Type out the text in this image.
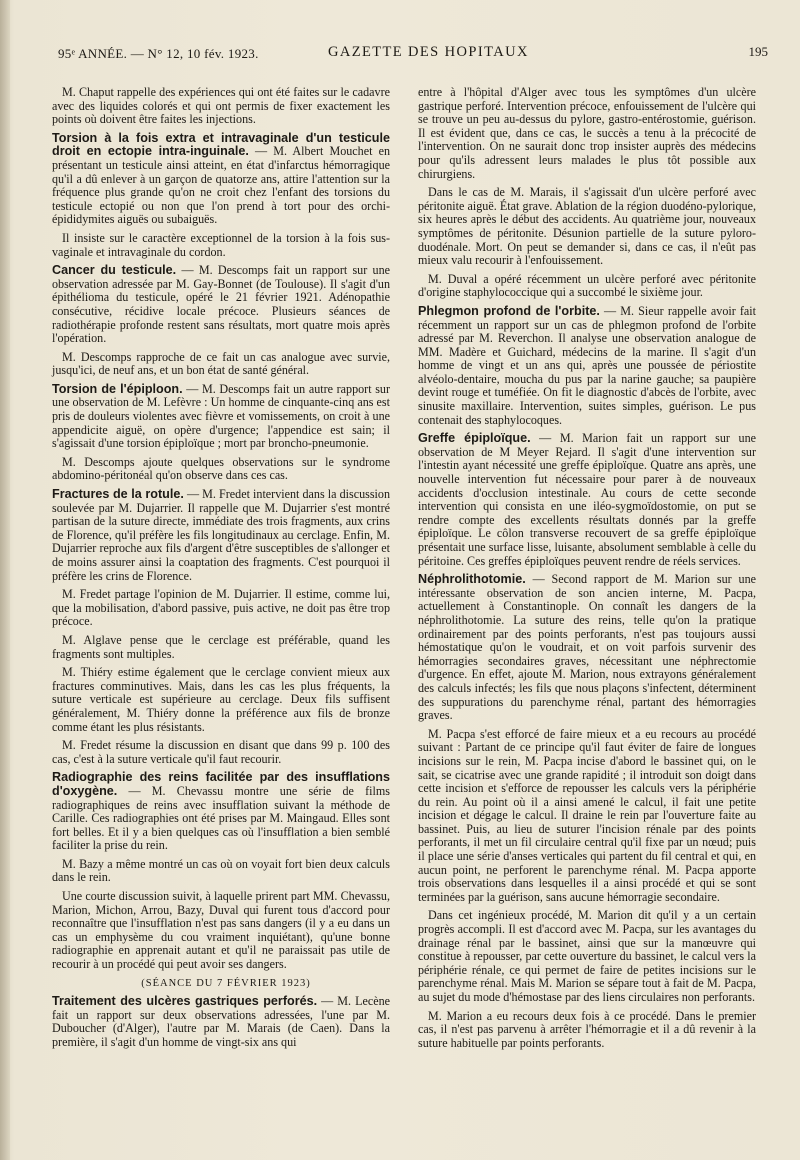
95ᵉ ANNÉE. — N° 12, 10 fév. 1923.	GAZETTE DES HOPITAUX	195

M. Chaput rappelle des expériences qui ont été faites sur le cadavre avec des liquides colorés et qui ont permis de fixer exactement les points où doivent être faites les injections.

Torsion à la fois extra et intravaginale d'un testicule droit en ectopie intra-inguinale. — M. Albert Mouchet en présentant un testicule ainsi atteint, en état d'infarctus hémorragique qu'il a dû enlever à un garçon de quatorze ans, attire l'attention sur la fréquence plus grande qu'on ne croit chez l'enfant des torsions du testicule ectopié ou non que l'on prend à tort pour des orchi-épididymites aiguës ou subaiguës.

Il insiste sur le caractère exceptionnel de la torsion à la fois sus-vaginale et intravaginale du cordon.

Cancer du testicule. — M. Descomps fait un rapport sur une observation adressée par M. Gay-Bonnet (de Toulouse). Il s'agit d'un épithélioma du testicule, opéré le 21 février 1921. Adénopathie consécutive, récidive locale précoce. Plusieurs séances de radiothérapie profonde restent sans résultats, mort quatre mois après l'opération.

M. Descomps rapproche de ce fait un cas analogue avec survie, jusqu'ici, de neuf ans, et un bon état de santé général.

Torsion de l'épiploon. — M. Descomps fait un autre rapport sur une observation de M. Lefèvre : Un homme de cinquante-cinq ans est pris de douleurs violentes avec fièvre et vomissements, on croit à une appendicite aiguë, on opère d'urgence; l'appendice est sain; il s'agissait d'une torsion épiploïque ; mort par broncho-pneumonie.

M. Descomps ajoute quelques observations sur le syndrome abdomino-péritonéal qu'on observe dans ces cas.

Fractures de la rotule. — M. Fredet intervient dans la discussion soulevée par M. Dujarrier. Il rappelle que M. Dujarrier s'est montré partisan de la suture directe, immédiate des trois fragments, aux crins de Florence, qu'il préfère les fils longitudinaux au cerclage. Enfin, M. Dujarrier reproche aux fils d'argent d'être susceptibles de s'allonger et de moins assurer ainsi la coaptation des fragments. C'est pourquoi il préfère les crins de Florence.

M. Fredet partage l'opinion de M. Dujarrier. Il estime, comme lui, que la mobilisation, d'abord passive, puis active, ne doit pas être trop précoce.

M. Alglave pense que le cerclage est préférable, quand les fragments sont multiples.

M. Thiéry estime également que le cerclage convient mieux aux fractures comminutives. Mais, dans les cas les plus fréquents, la suture verticale est supérieure au cerclage. Deux fils suffisent généralement, M. Thiéry donne la préférence aux fils de bronze comme étant les plus résistants.

M. Fredet résume la discussion en disant que dans 99 p. 100 des cas, c'est à la suture verticale qu'il faut recourir.

Radiographie des reins facilitée par des insufflations d'oxygène. — M. Chevassu montre une série de films radiographiques de reins avec insufflation suivant la méthode de Carille. Ces radiographies ont été prises par M. Maingaud. Elles sont fort belles. Et il y a bien quelques cas où l'insufflation a bien semblé faciliter la prise du rein.

M. Bazy a même montré un cas où on voyait fort bien deux calculs dans le rein.

Une courte discussion suivit, à laquelle prirent part MM. Chevassu, Marion, Michon, Arrou, Bazy, Duval qui furent tous d'accord pour reconnaître que l'insufflation n'est pas sans dangers (il y a eu dans un cas un emphysème du cou vraiment inquiétant), qu'une bonne radiographie en apprenait autant et qu'il ne paraissait pas utile de recourir à un procédé qui peut avoir ses dangers.

(SÉANCE DU 7 FÉVRIER 1923)

Traitement des ulcères gastriques perforés. — M. Lecène fait un rapport sur deux observations adressées, l'une par M. Duboucher (d'Alger), l'autre par M. Marais (de Caen). Dans la première, il s'agit d'un homme de vingt-six ans qui

entre à l'hôpital d'Alger avec tous les symptômes d'un ulcère gastrique perforé. Intervention précoce, enfouissement de l'ulcère qui se trouve un peu au-dessus du pylore, gastro-entérostomie, guérison. Il est évident que, dans ce cas, le succès a tenu à la précocité de l'intervention. On ne saurait donc trop insister auprès des médecins pour qu'ils adressent leurs malades le plus tôt possible aux chirurgiens.

Dans le cas de M. Marais, il s'agissait d'un ulcère perforé avec péritonite aiguë. État grave. Ablation de la région duodéno-pylorique, six heures après le début des accidents. Au quatrième jour, nouveaux symptômes de péritonite. Désunion partielle de la suture pyloro-duodénale. Mort. On peut se demander si, dans ce cas, il n'eût pas mieux valu recourir à l'enfouissement.

M. Duval a opéré récemment un ulcère perforé avec péritonite d'origine staphylococcique qui a succombé le sixième jour.

Phlegmon profond de l'orbite. — M. Sieur rappelle avoir fait récemment un rapport sur un cas de phlegmon profond de l'orbite adressé par M. Reverchon. Il analyse une observation analogue de MM. Madère et Guichard, médecins de la marine. Il s'agit d'un homme de vingt et un ans qui, après une poussée de périostite alvéolo-dentaire, moucha du pus par la narine gauche; sa paupière devint rouge et tuméfiée. On fit le diagnostic d'abcès de l'orbite, avec sinusite maxillaire. Intervention, suites simples, guérison. Le pus contenait des staphylocoques.

Greffe épiploïque. — M. Marion fait un rapport sur une observation de M Meyer Rejard. Il s'agit d'une intervention sur l'intestin ayant nécessité une greffe épiploïque. Quatre ans après, une nouvelle intervention fut nécessaire pour parer à de nouveaux accidents d'occlusion intestinale. Au cours de cette seconde intervention qui consista en une iléo-sygmoïdostomie, on put se rendre compte des excellents résultats donnés par la greffe épiploïque. Le côlon transverse recouvert de sa greffe épiploïque présentait une surface lisse, luisante, absolument semblable à celle du péritoine. Ces greffes épiploïques peuvent rendre de réels services.

Néphrolithotomie. — Second rapport de M. Marion sur une intéressante observation de son ancien interne, M. Pacpa, actuellement à Constantinople. On connaît les dangers de la néphrolithotomie. La suture des reins, telle qu'on la pratique ordinairement par des points perforants, n'est pas toujours aussi hémostatique qu'on le voudrait, et on voit parfois survenir des hémorragies secondaires graves, nécessitant une néphrectomie d'urgence. En effet, ajoute M. Marion, nous extrayons généralement des calculs infectés; les fils que nous plaçons s'infectent, déterminent des suppurations du parenchyme rénal, partant des hémorragies graves.

M. Pacpa s'est efforcé de faire mieux et a eu recours au procédé suivant : Partant de ce principe qu'il faut éviter de faire de longues incisions sur le rein, M. Pacpa incise d'abord le bassinet qui, on le sait, se cicatrise avec une grande rapidité ; il introduit son doigt dans cette incision et s'efforce de repousser les calculs vers la périphérie du rein. Au point où il a ainsi amené le calcul, il fait une petite incision et dégage le calcul. Il draine le rein par l'ouverture faite au bassinet. Puis, au lieu de suturer l'incision rénale par des points perforants, il met un fil circulaire central qu'il fixe par un nœud; puis il place une série d'anses verticales qui partent du fil central et qui, en aucun point, ne perforent le parenchyme rénal. M. Pacpa apporte trois observations dans lesquelles il a ainsi procédé et qui se sont terminées par la guérison, sans aucune hémorragie secondaire.

Dans cet ingénieux procédé, M. Marion dit qu'il y a un certain progrès accompli. Il est d'accord avec M. Pacpa, sur les avantages du drainage rénal par le bassinet, ainsi que sur la manœuvre qui constitue à repousser, par cette ouverture du bassinet, le calcul vers la périphérie rénale, ce qui permet de faire de petites incisions sur le parenchyme rénal. Mais M. Marion se sépare tout à fait de M. Pacpa, au sujet du mode d'hémostase par des liens circulaires non perforants.

M. Marion a eu recours deux fois à ce procédé. Dans le premier cas, il n'est pas parvenu à arrêter l'hémorragie et il a dû revenir à la suture habituelle par points perforants.
